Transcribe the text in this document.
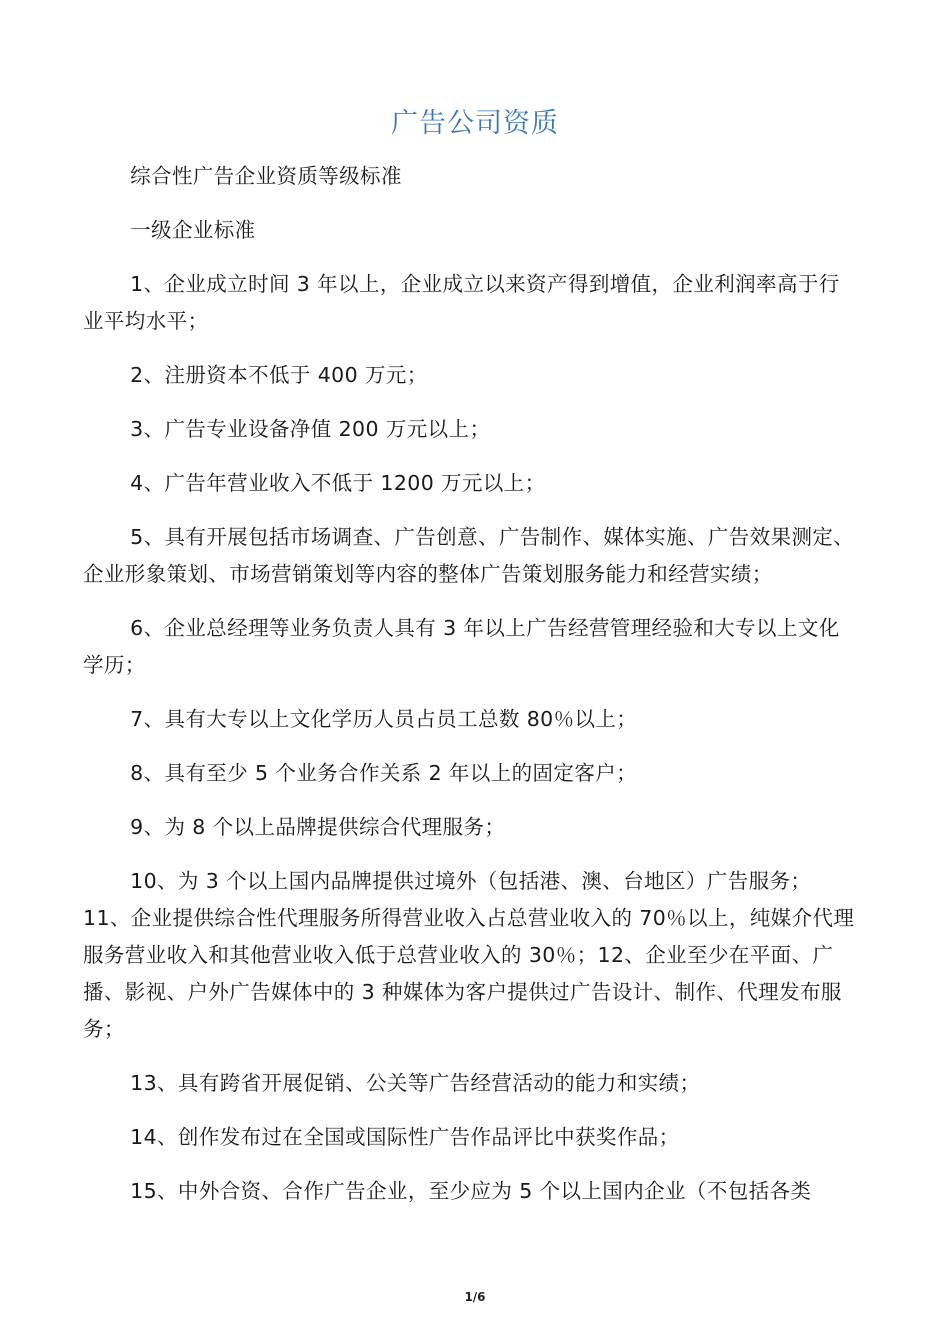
广告公司资质

综合性广告企业资质等级标准

一级企业标准

1、企业成立时间 3 年以上，企业成立以来资产得到增值，企业利润率高于行业平均水平；

2、注册资本不低于 400 万元；

3、广告专业设备净值 200 万元以上；

4、广告年营业收入不低于 1200 万元以上；

5、具有开展包括市场调查、广告创意、广告制作、媒体实施、广告效果测定、企业形象策划、市场营销策划等内容的整体广告策划服务能力和经营实绩；

6、企业总经理等业务负责人具有 3 年以上广告经营管理经验和大专以上文化学历；

7、具有大专以上文化学历人员占员工总数 80％以上；

8、具有至少 5 个业务合作关系 2 年以上的固定客户；

9、为 8 个以上品牌提供综合代理服务；

10、为 3 个以上国内品牌提供过境外（包括港、澳、台地区）广告服务；

11、企业提供综合性代理服务所得营业收入占总营业收入的 70％以上，纯媒介代理服务营业收入和其他营业收入低于总营业收入的 30％；12、企业至少在平面、广播、影视、户外广告媒体中的 3 种媒体为客户提供过广告设计、制作、代理发布服务；

13、具有跨省开展促销、公关等广告经营活动的能力和实绩；

14、创作发布过在全国或国际性广告作品评比中获奖作品；

15、中外合资、合作广告企业，至少应为 5 个以上国内企业（不包括各类

1/6
